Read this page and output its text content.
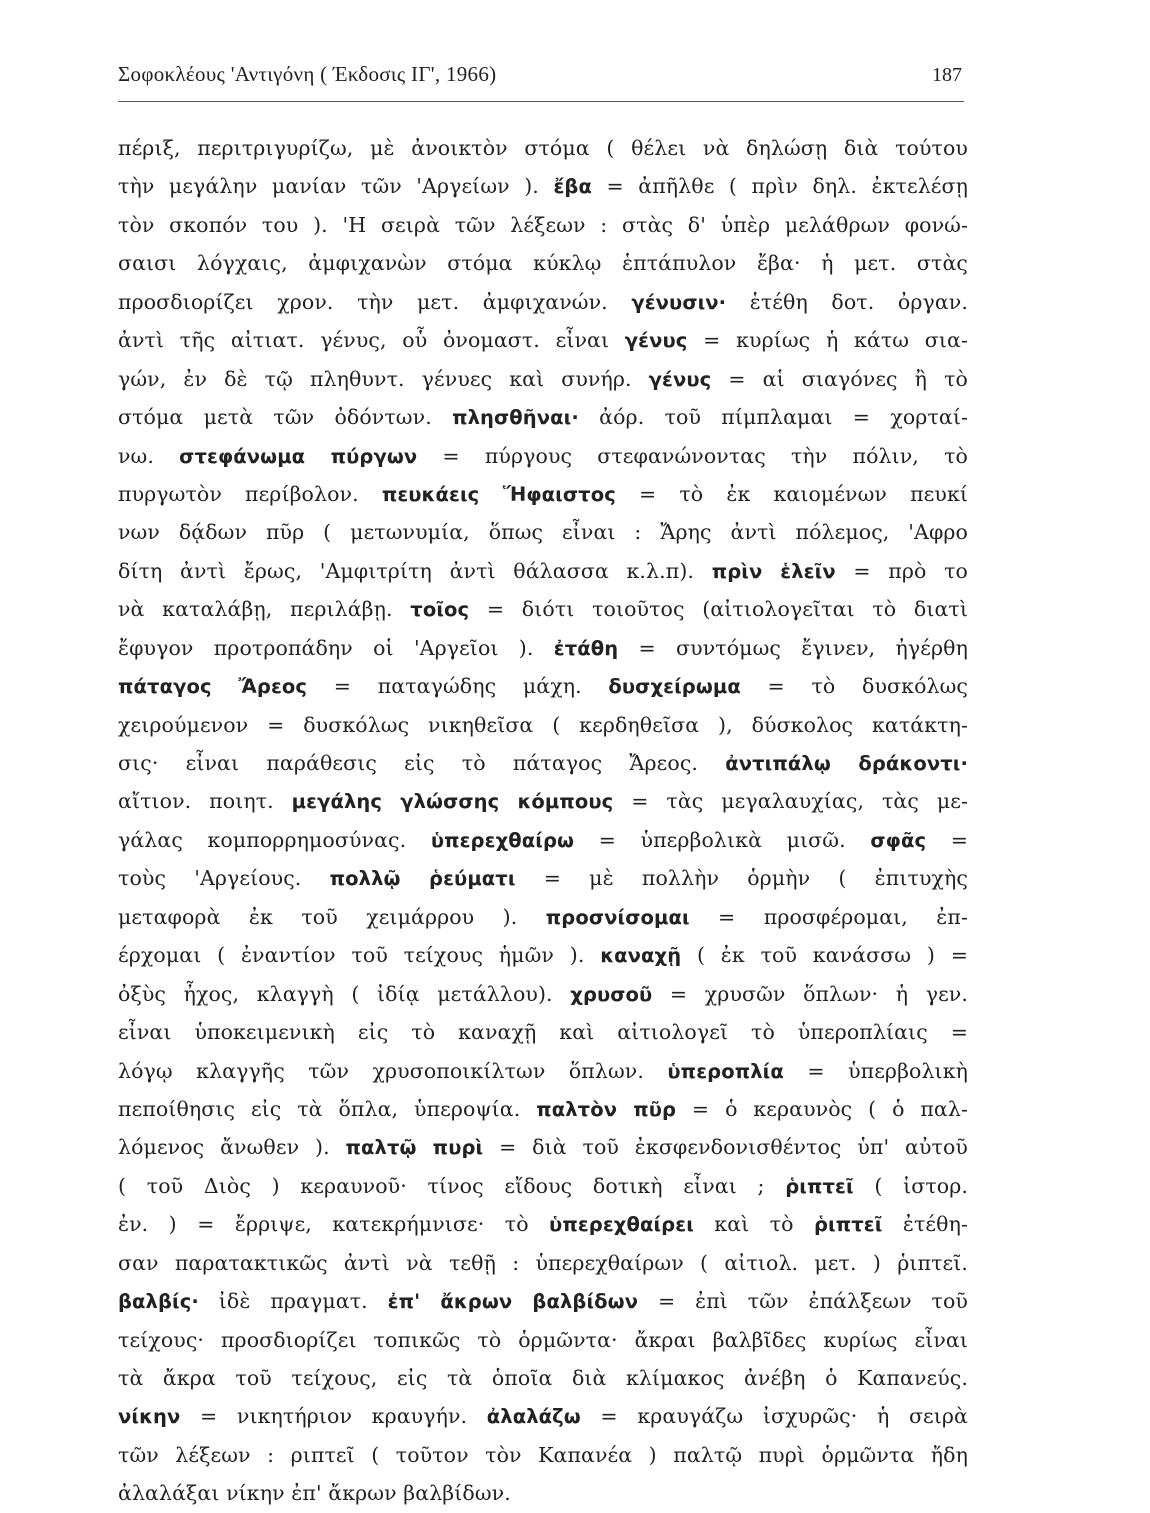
Σοφοκλέους 'Αντιγόνη ( Έκδοσις ΙΓ', 1966)	187
πέριξ, περιτριγυρίζω, μὲ ἀνοικτὸν στόμα ( θέλει νὰ δηλώσῃ διὰ τούτου
τὴν μεγάλην μανίαν τῶν 'Αργείων ). ἔβα = ἀπῆλθε ( πρὶν δηλ. ἐκτελέσῃ
τὸν σκοπόν του ). 'Η σειρὰ τῶν λέξεων : στὰς δ' ὑπὲρ μελάθρων φονώ-
σαισι λόγχαις, ἀμφιχανὼν στόμα κύκλῳ ἑπτάπυλον ἔβα· ἡ μετ. στὰς
προσδιορίζει χρον. τὴν μετ. ἀμφιχανών. γένυσιν· ἑτέθη δοτ. ὀργαν.
ἀντὶ τῆς αἰτιατ. γένυς, οὗ ὀνομαστ. εἶναι γένυς = κυρίως ἡ κάτω σια-
γών, ἐν δὲ τῷ πληθυντ. γένυες καὶ συνήρ. γένυς = αἱ σιαγόνες ἢ τὸ
στόμα μετὰ τῶν ὀδόντων. πλησθῆναι· ἀόρ. τοῦ πίμπλαμαι = χορταί-
νω. στεφάνωμα πύργων = πύργους στεφανώνοντας τὴν πόλιν, τὸ
πυργωτὸν περίβολον. πευκάεις Ἥφαιστος = τὸ ἐκ καιομένων πευκί
νων δᾴδων πῦρ ( μετωνυμία, ὅπως εἶναι : Ἄρης ἀντὶ πόλεμος, 'Αφρο
δίτη ἀντὶ ἔρως, 'Αμφιτρίτη ἀντὶ θάλασσα κ.λ.π). πρὶν ἑλεῖν = πρὸ το
νὰ καταλάβῃ, περιλάβῃ. τοῖος = διότι τοιοῦτος (αἰτιολογεῖται τὸ διατὶ
ἔφυγον προτροπάδην οἱ 'Αργεῖοι ). ἐτάθη = συντόμως ἔγινεν, ἠγέρθη
πάταγος Ἄρεος = παταγώδης μάχη. δυσχείρωμα = τὸ δυσκόλως
χειρούμενον = δυσκόλως νικηθεῖσα ( κερδηθεῖσα ), δύσκολος κατάκτη-
σις· εἶναι παράθεσις εἰς τὸ πάταγος Ἄρεος. ἀντιπάλῳ δράκοντι·
αἴτιον. ποιητ. μεγάλης γλώσσης κόμπους = τὰς μεγαλαυχίας, τὰς με-
γάλας κομπορρημοσύνας. ὑπερεχθαίρω = ὑπερβολικὰ μισῶ. σφᾶς =
τοὺς 'Αργείους. πολλῷ ῥεύματι = μὲ πολλὴν ὁρμὴν ( ἐπιτυχὴς
μεταφορὰ ἐκ τοῦ χειμάρρου ). προσνίσομαι = προσφέρομαι, ἐπ-
έρχομαι ( ἐναντίον τοῦ τείχους ἡμῶν ). καναχῇ ( ἐκ τοῦ κανάσσω ) =
ὀξὺς ἦχος, κλαγγὴ ( ἰδίᾳ μετάλλου). χρυσοῦ = χρυσῶν ὅπλων· ἡ γεν.
εἶναι ὑποκειμενικὴ εἰς τὸ καναχῇ καὶ αἰτιολογεῖ τὸ ὑπεροπλίαις =
λόγῳ κλαγγῆς τῶν χρυσοποικίλτων ὅπλων. ὑπεροπλία = ὑπερβολικὴ
πεποίθησις εἰς τὰ ὅπλα, ὑπεροψία. παλτὸν πῦρ = ὁ κεραυνὸς ( ὁ παλ-
λόμενος ἄνωθεν ). παλτῷ πυρὶ = διὰ τοῦ ἐκσφενδονισθέντος ὑπ' αὐτοῦ
( τοῦ Διὸς ) κεραυνοῦ· τίνος εἴδους δοτικὴ εἶναι ; ῥιπτεῖ ( ἱστορ.
ἐν. ) = ἔρριψε, κατεκρήμνισε· τὸ ὑπερεχθαίρει καὶ τὸ ῥιπτεῖ ἐτέθη-
σαν παρατακτικῶς ἀντὶ νὰ τεθῇ : ὑπερεχθαίρων ( αἰτιολ. μετ. ) ῥιπτεῖ.
βαλβίς· ἰδὲ πραγματ. ἐπ' ἄκρων βαλβίδων = ἐπὶ τῶν ἐπάλξεων τοῦ
τείχους· προσδιορίζει τοπικῶς τὸ ὁρμῶντα· ἄκραι βαλβῖδες κυρίως εἶναι
τὰ ἄκρα τοῦ τείχους, εἰς τὰ ὁποῖα διὰ κλίμακος ἀνέβη ὁ Καπανεύς.
νίκην = νικητήριον κραυγήν. ἀλαλάζω = κραυγάζω ἰσχυρῶς· ἡ σειρὰ
τῶν λέξεων : ριπτεῖ ( τοῦτον τὸν Καπανέα ) παλτῷ πυρὶ ὁρμῶντα ἤδη
ἀλαλάξαι νίκην ἐπ' ἄκρων βαλβίδων.
